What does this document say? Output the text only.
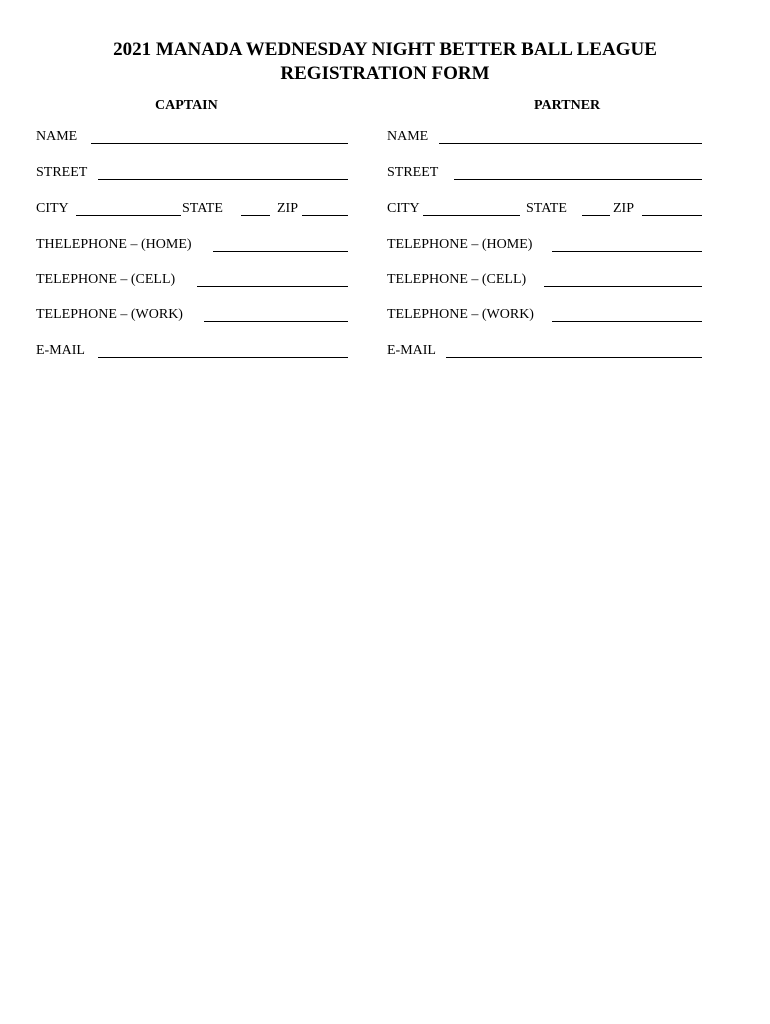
2021 MANADA WEDNESDAY NIGHT BETTER BALL LEAGUE
REGISTRATION FORM
CAPTAIN	PARTNER
NAME
STREET
CITY	STATE	ZIP
THELEPHONE – (HOME)
TELEPHONE – (CELL)
TELEPHONE – (WORK)
E-MAIL
NAME
STREET
CITY	STATE	ZIP
TELEPHONE – (HOME)
TELEPHONE – (CELL)
TELEPHONE – (WORK)
E-MAIL
